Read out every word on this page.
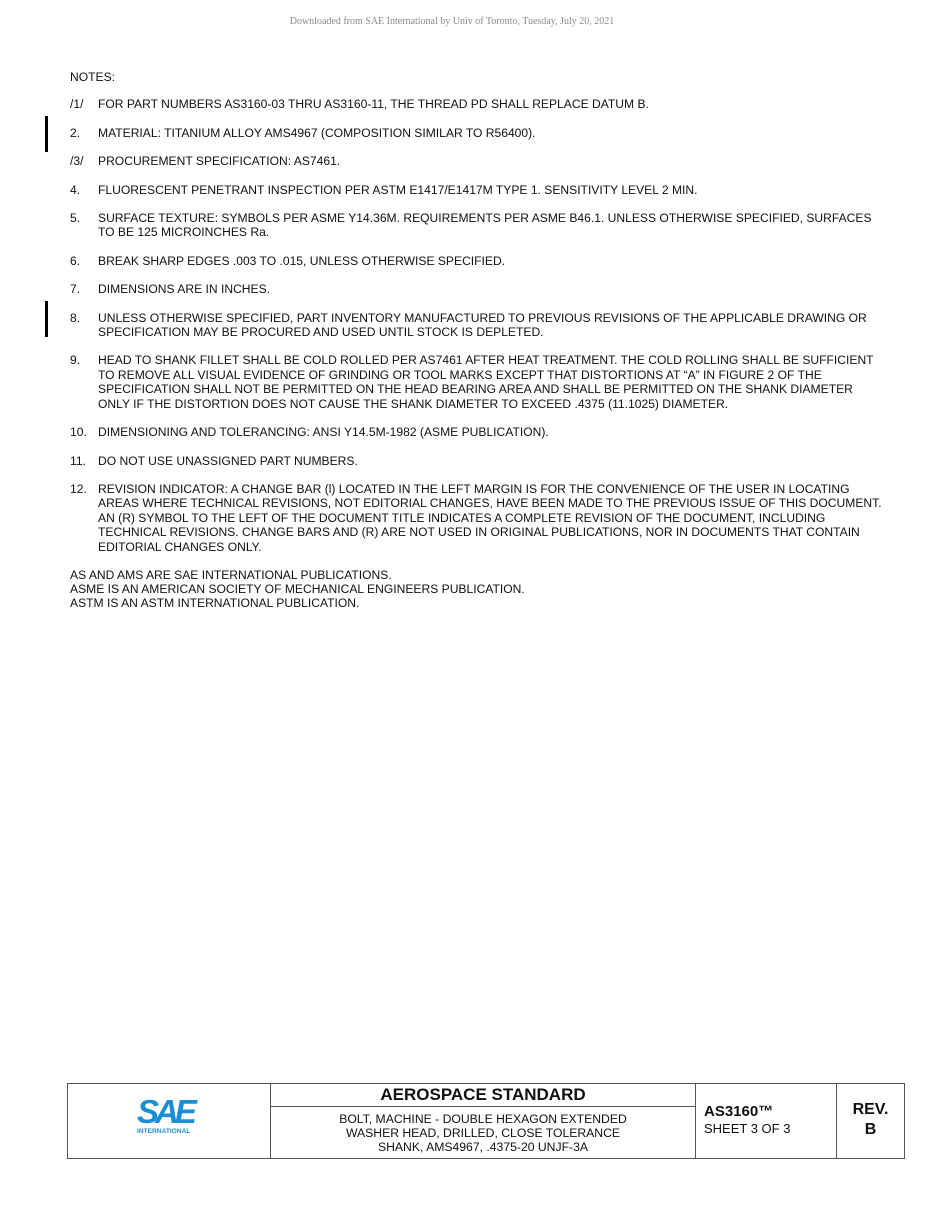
Downloaded from SAE International by Univ of Toronto, Tuesday, July 20, 2021
NOTES:
/1/	FOR PART NUMBERS AS3160-03 THRU AS3160-11, THE THREAD PD SHALL REPLACE DATUM B.
2.	MATERIAL: TITANIUM ALLOY AMS4967 (COMPOSITION SIMILAR TO R56400).
/3/	PROCUREMENT SPECIFICATION: AS7461.
4.	FLUORESCENT PENETRANT INSPECTION PER ASTM E1417/E1417M TYPE 1. SENSITIVITY LEVEL 2 MIN.
5.	SURFACE TEXTURE: SYMBOLS PER ASME Y14.36M. REQUIREMENTS PER ASME B46.1. UNLESS OTHERWISE SPECIFIED, SURFACES TO BE 125 MICROINCHES Ra.
6.	BREAK SHARP EDGES .003 TO .015, UNLESS OTHERWISE SPECIFIED.
7.	DIMENSIONS ARE IN INCHES.
8.	UNLESS OTHERWISE SPECIFIED, PART INVENTORY MANUFACTURED TO PREVIOUS REVISIONS OF THE APPLICABLE DRAWING OR SPECIFICATION MAY BE PROCURED AND USED UNTIL STOCK IS DEPLETED.
9.	HEAD TO SHANK FILLET SHALL BE COLD ROLLED PER AS7461 AFTER HEAT TREATMENT. THE COLD ROLLING SHALL BE SUFFICIENT TO REMOVE ALL VISUAL EVIDENCE OF GRINDING OR TOOL MARKS EXCEPT THAT DISTORTIONS AT “A” IN FIGURE 2 OF THE SPECIFICATION SHALL NOT BE PERMITTED ON THE HEAD BEARING AREA AND SHALL BE PERMITTED ON THE SHANK DIAMETER ONLY IF THE DISTORTION DOES NOT CAUSE THE SHANK DIAMETER TO EXCEED .4375 (11.1025) DIAMETER.
10. DIMENSIONING AND TOLERANCING: ANSI Y14.5M-1982 (ASME PUBLICATION).
11. DO NOT USE UNASSIGNED PART NUMBERS.
12. REVISION INDICATOR: A CHANGE BAR (l) LOCATED IN THE LEFT MARGIN IS FOR THE CONVENIENCE OF THE USER IN LOCATING AREAS WHERE TECHNICAL REVISIONS, NOT EDITORIAL CHANGES, HAVE BEEN MADE TO THE PREVIOUS ISSUE OF THIS DOCUMENT. AN (R) SYMBOL TO THE LEFT OF THE DOCUMENT TITLE INDICATES A COMPLETE REVISION OF THE DOCUMENT, INCLUDING TECHNICAL REVISIONS. CHANGE BARS AND (R) ARE NOT USED IN ORIGINAL PUBLICATIONS, NOR IN DOCUMENTS THAT CONTAIN EDITORIAL CHANGES ONLY.
AS AND AMS ARE SAE INTERNATIONAL PUBLICATIONS.
ASME IS AN AMERICAN SOCIETY OF MECHANICAL ENGINEERS PUBLICATION.
ASTM IS AN ASTM INTERNATIONAL PUBLICATION.
SAE
INTERNATIONAL
AEROSPACE STANDARD
BOLT, MACHINE - DOUBLE HEXAGON EXTENDED
WASHER HEAD, DRILLED, CLOSE TOLERANCE
SHANK, AMS4967, .4375-20 UNJF-3A
AS3160™
SHEET 3 OF 3
REV.
B
